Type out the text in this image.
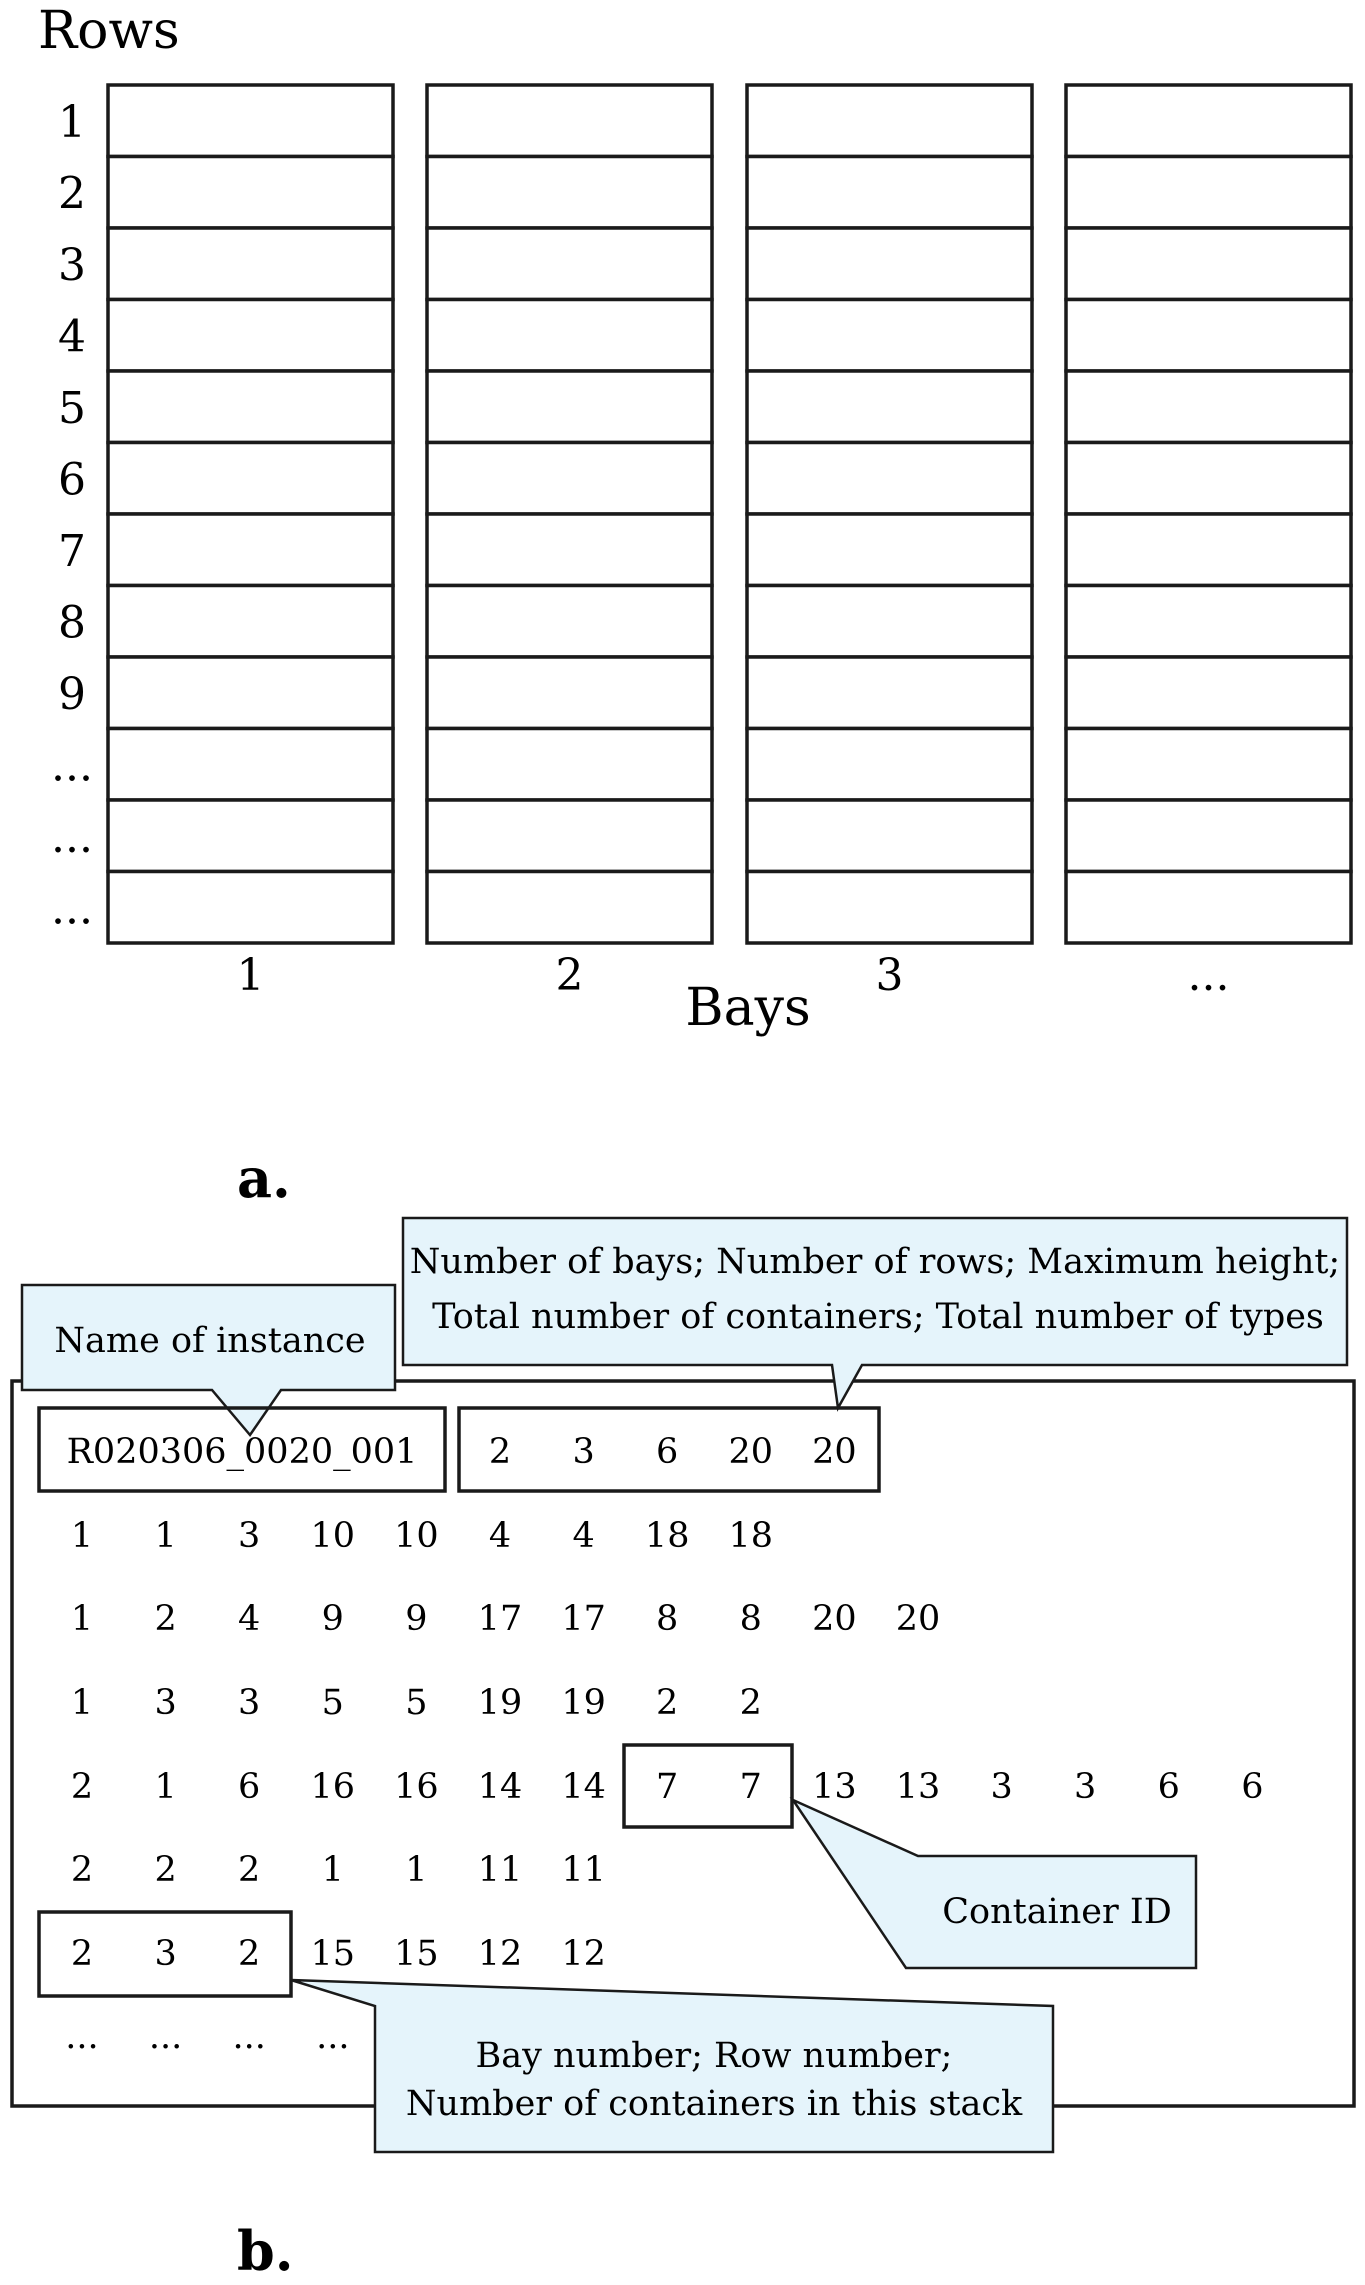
Rows
1
2
3
4
5
6
7
8
9
...
...
...
1	2	3	...
Bays
a.
Name of instance
Number of bays; Number of rows; Maximum height;
Total number of containers; Total number of types
Container ID
Bay number; Row number;
Number of containers in this stack
R020306_0020_001 2 3 6 20 20
1 1 3 10 10 4 4 18 18
1 2 4 9 9 17 17 8 8 20 20
1 3 3 5 5 19 19 2 2
2 1 6 16 16 14 14 7 7 13 13 3 3 6 6
2 2 2 1 1 11 11
2 3 2 15 15 12 12
... ... ... ...
b.
